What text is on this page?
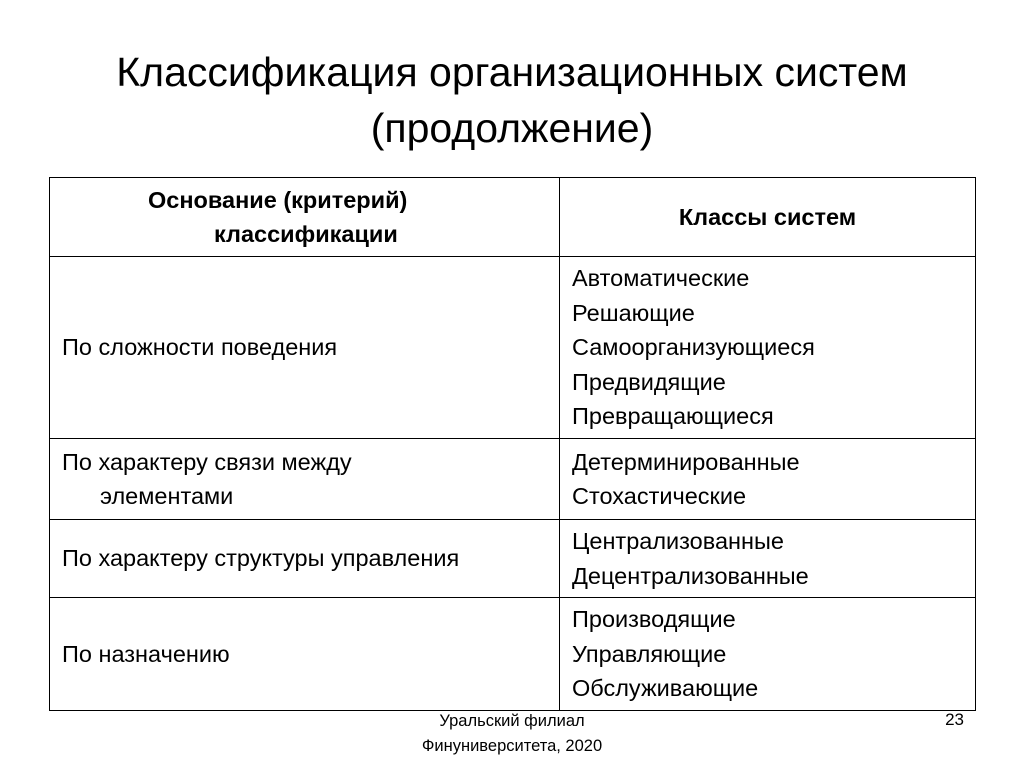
Классификация организационных систем
(продолжение)
Основание (критерий)
классификации	Классы систем
По сложности поведения	Автоматические
Решающие
Самоорганизующиеся
Предвидящие
Превращающиеся

По характеру связи между
элементами	Детерминированные
Стохастические

По характеру структуры управления	Централизованные
Децентрализованные

По назначению	Производящие
Управляющие
Обслуживающие
Уральский филиал
Финуниверситета, 2020
23
